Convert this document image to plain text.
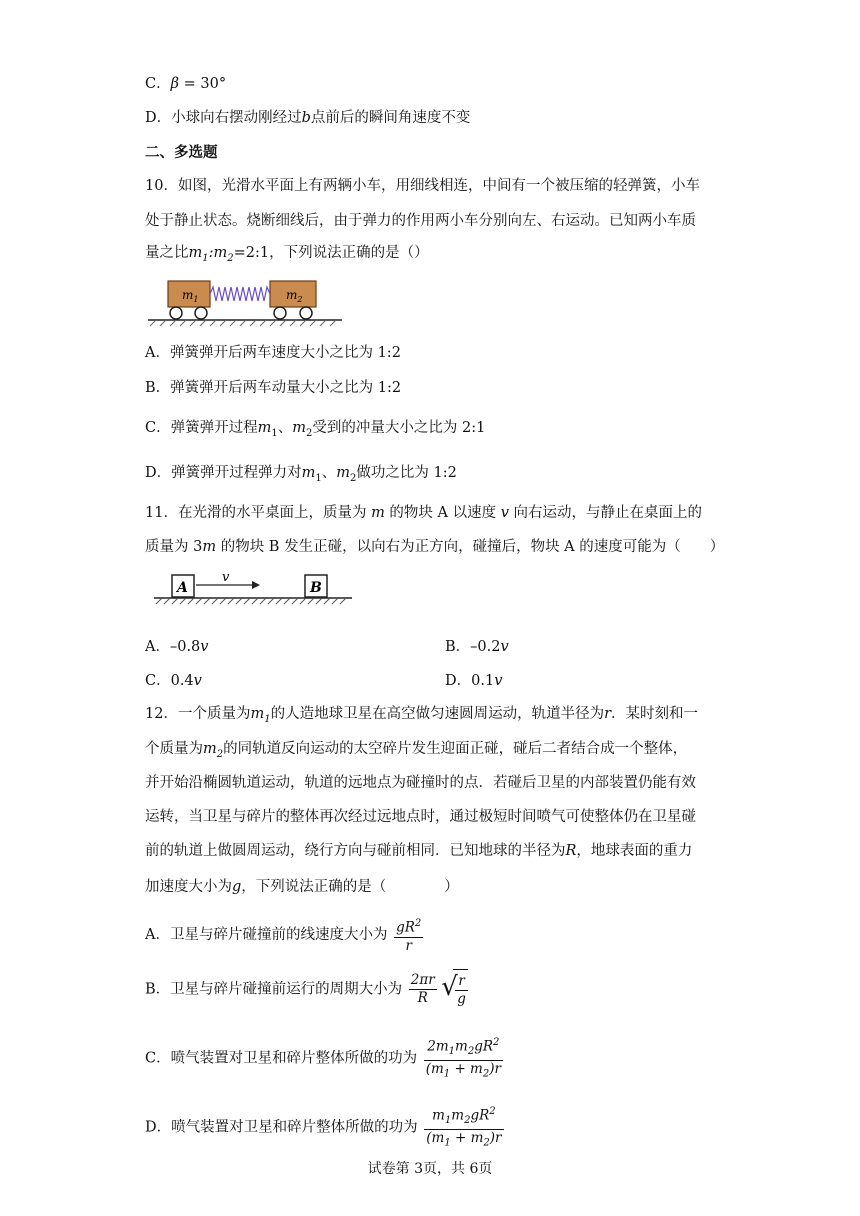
C．β = 30°
D．小球向右摆动刚经过b点前后的瞬间角速度不变
二、多选题
10．如图，光滑水平面上有两辆小车，用细线相连，中间有一个被压缩的轻弹簧，小车
处于静止状态。烧断细线后，由于弹力的作用两小车分别向左、右运动。已知两小车质
量之比$m_1:m_2=2:1$，下列说法正确的是（）
$m_1$	$m_2$
A．弹簧弹开后两车速度大小之比为 1:2
B．弹簧弹开后两车动量大小之比为 1:2
C．弹簧弹开过程$m_1$、$m_2$受到的冲量大小之比为 2:1
D．弹簧弹开过程弹力对$m_1$、$m_2$做功之比为 1:2
11．在光滑的水平桌面上，质量为 m 的物块 A 以速度 v 向右运动，与静止在桌面上的
质量为 3m 的物块 B 发生正碰，以向右为正方向，碰撞后，物块 A 的速度可能为（　　）
A	B
v
A．–0.8v	B．–0.2v
C．0.4v	D．0.1v
12．一个质量为$m_1$的人造地球卫星在高空做匀速圆周运动，轨道半径为r．某时刻和一
个质量为$m_2$的同轨道反向运动的太空碎片发生迎面正碰，碰后二者结合成一个整体，
并开始沿椭圆轨道运动，轨道的远地点为碰撞时的点．若碰后卫星的内部装置仍能有效
运转，当卫星与碎片的整体再次经过远地点时，通过极短时间喷气可使整体仍在卫星碰
前的轨道上做圆周运动，绕行方向与碰前相同．已知地球的半径为R，地球表面的重力
加速度大小为g，下列说法正确的是（　　　　）
A．卫星与碎片碰撞前的线速度大小为 $\frac{gR^2}{r}$
B．卫星与碎片碰撞前运行的周期大小为 $\frac{2\pi r}{R}$
√
$\frac{r}{g}$
C．喷气装置对卫星和碎片整体所做的功为 $\frac{2m_1m_2gR^2}{(m_1 + m_2)r}$
D．喷气装置对卫星和碎片整体所做的功为 $\frac{m_1m_2gR^2}{(m_1 + m_2)r}$
试卷第 3页，共 6页
